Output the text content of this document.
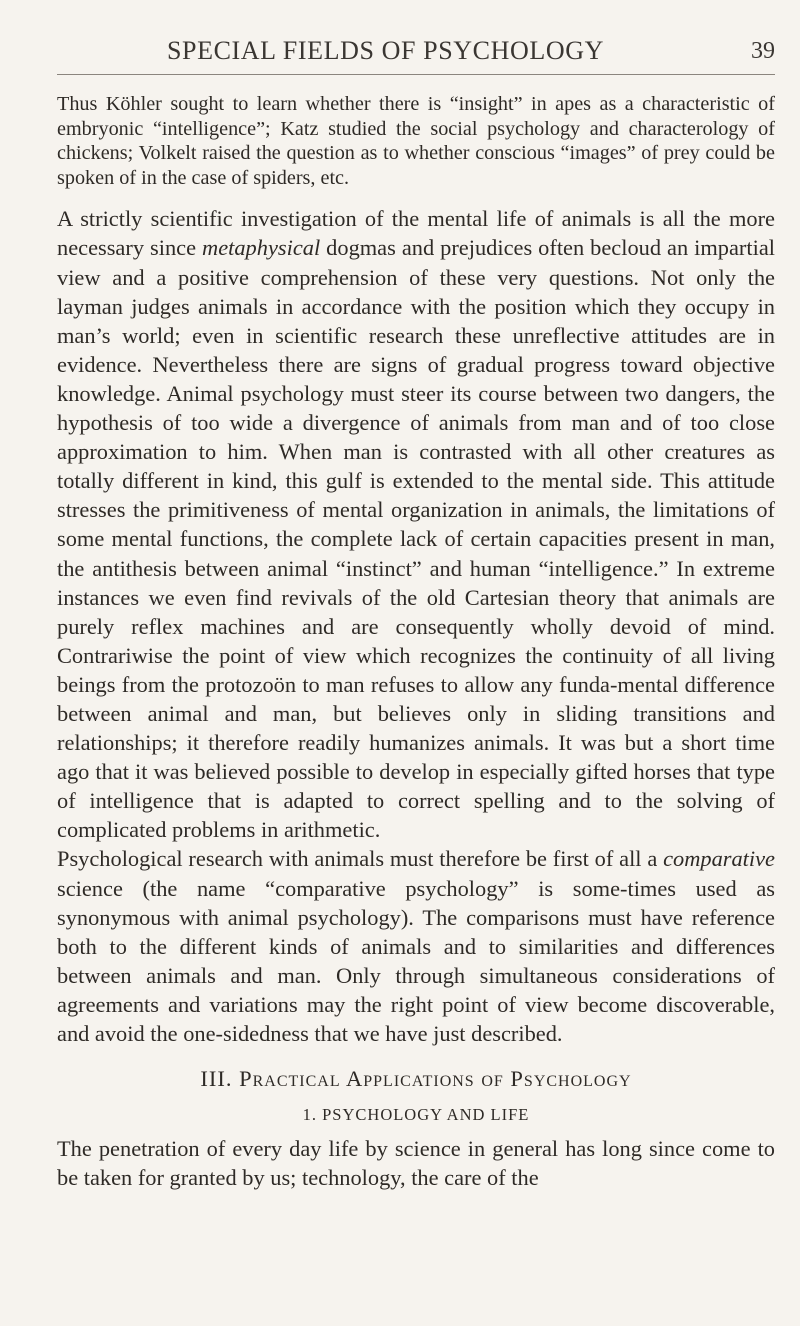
SPECIAL FIELDS OF PSYCHOLOGY	39

Thus Köhler sought to learn whether there is “insight” in apes as a characteristic of embryonic “intelligence”; Katz studied the social psychology and characterology of chickens; Volkelt raised the question as to whether conscious “images” of prey could be spoken of in the case of spiders, etc.

A strictly scientific investigation of the mental life of animals is all the more necessary since metaphysical dogmas and prejudices often becloud an impartial view and a positive comprehension of these very questions. Not only the layman judges animals in accordance with the position which they occupy in man’s world; even in scientific research these unreflective attitudes are in evidence. Nevertheless there are signs of gradual progress toward objective knowledge. Animal psychology must steer its course between two dangers, the hypothesis of too wide a divergence of animals from man and of too close approximation to him. When man is contrasted with all other creatures as totally different in kind, this gulf is extended to the mental side. This attitude stresses the primitiveness of mental organization in animals, the limitations of some mental functions, the complete lack of certain capacities present in man, the antithesis between animal “instinct” and human “intelligence.” In extreme instances we even find revivals of the old Cartesian theory that animals are purely reflex machines and are consequently wholly devoid of mind. Contrariwise the point of view which recognizes the continuity of all living beings from the protozoön to man refuses to allow any funda-mental difference between animal and man, but believes only in sliding transitions and relationships; it therefore readily humanizes animals. It was but a short time ago that it was believed possible to develop in especially gifted horses that type of intelligence that is adapted to correct spelling and to the solving of complicated problems in arithmetic.

Psychological research with animals must therefore be first of all a comparative science (the name “comparative psychology” is some-times used as synonymous with animal psychology). The comparisons must have reference both to the different kinds of animals and to similarities and differences between animals and man. Only through simultaneous considerations of agreements and variations may the right point of view become discoverable, and avoid the one-sidedness that we have just described.

III. Practical Applications of Psychology
1. PSYCHOLOGY AND LIFE

The penetration of every day life by science in general has long since come to be taken for granted by us; technology, the care of the
